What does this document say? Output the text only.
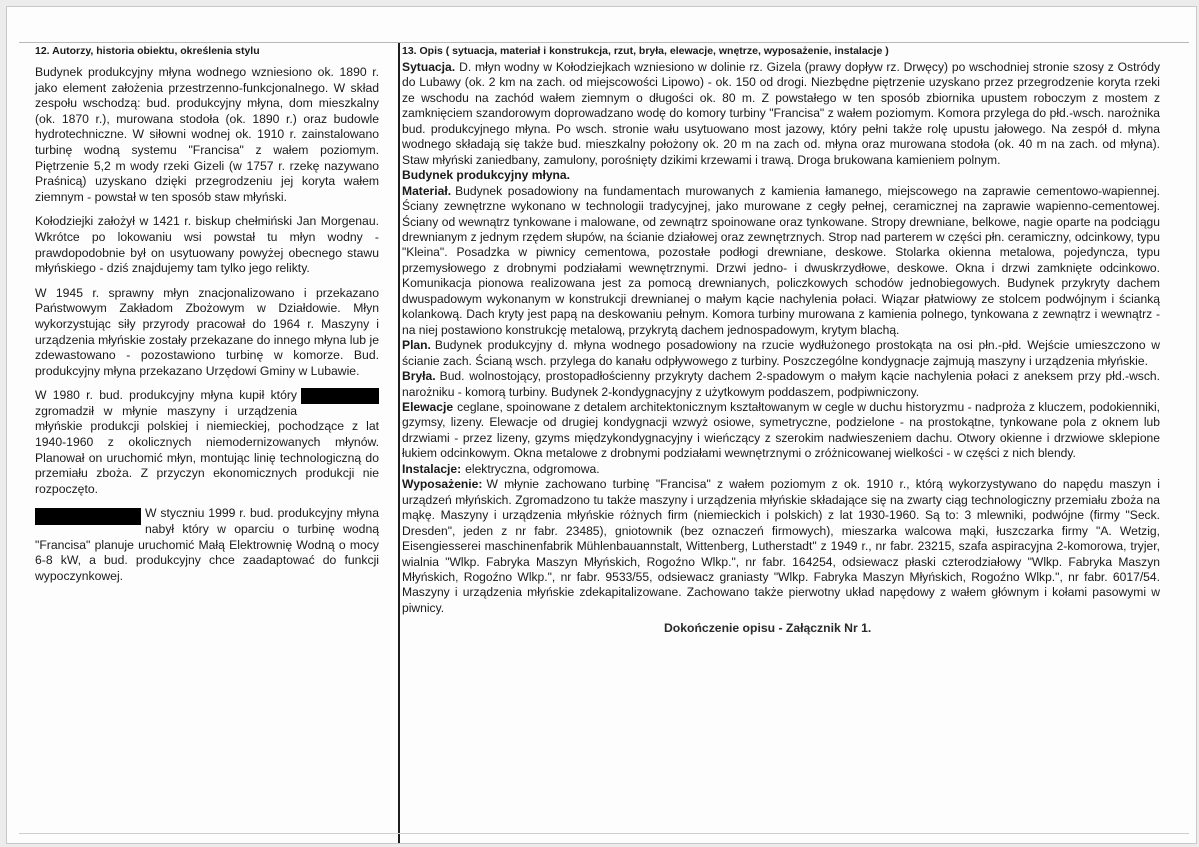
12. Autorzy, historia obiektu, określenia stylu

Budynek produkcyjny młyna wodnego wzniesiono ok. 1890 r. jako element założenia przestrzenno-funkcjonalnego. W skład zespołu wschodzą: bud. produkcyjny młyna, dom mieszkalny (ok. 1870 r.), murowana stodoła (ok. 1890 r.) oraz budowle hydrotechniczne. W siłowni wodnej ok. 1910 r. zainstalowano turbinę wodną systemu "Francisa" z wałem poziomym. Piętrzenie 5,2 m wody rzeki Gizeli (w 1757 r. rzekę nazywano Praśnicą) uzyskano dzięki przegrodzeniu jej koryta wałem ziemnym - powstał w ten sposób staw młyński.

Kołodziejki założył w 1421 r. biskup chełmiński Jan Morgenau. Wkrótce po lokowaniu wsi powstał tu młyn wodny - prawdopodobnie był on usytuowany powyżej obecnego stawu młyńskiego - dziś znajdujemy tam tylko jego relikty.

W 1945 r. sprawny młyn znacjonalizowano i przekazano Państwowym Zakładom Zbożowym w Działdowie. Młyn wykorzystując siły przyrody pracował do 1964 r. Maszyny i urządzenia młyńskie zostały przekazane do innego młyna lub je zdewastowano - pozostawiono turbinę w komorze. Bud. produkcyjny młyna przekazano Urzędowi Gminy w Lubawie.

W 1980 r. bud. produkcyjny młyna kupił który zgromadził w młynie maszyny i urządzenia młyńskie produkcji polskiej i niemieckiej, pochodzące z lat 1940-1960 z okolicznych niemodernizowanych młynów. Planował on uruchomić młyn, montując linię technologiczną do przemiału zboża. Z przyczyn ekonomicznych produkcji nie rozpoczęto.

W styczniu 1999 r. bud. produkcyjny młyna nabył który w oparciu o turbinę wodną "Francisa" planuje uruchomić Małą Elektrownię Wodną o mocy 6-8 kW, a bud. produkcyjny chce zaadaptować do funkcji wypoczynkowej.

13. Opis ( sytuacja, materiał i konstrukcja, rzut, bryła, elewacje, wnętrze, wyposażenie, instalacje )

Sytuacja. D. młyn wodny w Kołodziejkach wzniesiono w dolinie rz. Gizela (prawy dopływ rz. Drwęcy) po wschodniej stronie szosy z Ostródy do Lubawy (ok. 2 km na zach. od miejscowości Lipowo) - ok. 150 od drogi. Niezbędne piętrzenie uzyskano przez przegrodzenie koryta rzeki ze wschodu na zachód wałem ziemnym o długości ok. 80 m. Z powstałego w ten sposób zbiornika upustem roboczym z mostem z zamknięciem szandorowym doprowadzano wodę do komory turbiny "Francisa" z wałem poziomym. Komora przylega do płd.-wsch. narożnika bud. produkcyjnego młyna. Po wsch. stronie wału usytuowano most jazowy, który pełni także rolę upustu jałowego. Na zespół d. młyna wodnego składają się także bud. mieszkalny położony ok. 20 m na zach od. młyna oraz murowana stodoła (ok. 40 m na zach. od młyna). Staw młyński zaniedbany, zamulony, porośnięty dzikimi krzewami i trawą. Droga brukowana kamieniem polnym.

Budynek produkcyjny młyna.

Materiał. Budynek posadowiony na fundamentach murowanych z kamienia łamanego, miejscowego na zaprawie cementowo-wapiennej. Ściany zewnętrzne wykonano w technologii tradycyjnej, jako murowane z cegły pełnej, ceramicznej na zaprawie wapienno-cementowej. Ściany od wewnątrz tynkowane i malowane, od zewnątrz spoinowane oraz tynkowane. Stropy drewniane, belkowe, nagie oparte na podciągu drewnianym z jednym rzędem słupów, na ścianie działowej oraz zewnętrznych. Strop nad parterem w części płn. ceramiczny, odcinkowy, typu "Kleina". Posadzka w piwnicy cementowa, pozostałe podłogi drewniane, deskowe. Stolarka okienna metalowa, pojedyncza, typu przemysłowego z drobnymi podziałami wewnętrznymi. Drzwi jedno- i dwuskrzydłowe, deskowe. Okna i drzwi zamknięte odcinkowo. Komunikacja pionowa realizowana jest za pomocą drewnianych, policzkowych schodów jednobiegowych. Budynek przykryty dachem dwuspadowym wykonanym w konstrukcji drewnianej o małym kącie nachylenia połaci. Wiązar płatwiowy ze stolcem podwójnym i ścianką kolankową. Dach kryty jest papą na deskowaniu pełnym. Komora turbiny murowana z kamienia polnego, tynkowana z zewnątrz i wewnątrz - na niej postawiono konstrukcję metalową, przykrytą dachem jednospadowym, krytym blachą.

Plan. Budynek produkcyjny d. młyna wodnego posadowiony na rzucie wydłużonego prostokąta na osi płn.-płd. Wejście umieszczono w ścianie zach. Ścianą wsch. przylega do kanału odpływowego z turbiny. Poszczególne kondygnacje zajmują maszyny i urządzenia młyńskie.

Bryła. Bud. wolnostojący, prostopadłościenny przykryty dachem 2-spadowym o małym kącie nachylenia połaci z aneksem przy płd.-wsch. narożniku - komorą turbiny. Budynek 2-kondygnacyjny z użytkowym poddaszem, podpiwniczony.

Elewacje ceglane, spoinowane z detalem architektonicznym kształtowanym w cegle w duchu historyzmu - nadproża z kluczem, podokienniki, gzymsy, lizeny. Elewacje od drugiej kondygnacji wzwyż osiowe, symetryczne, podzielone - na prostokątne, tynkowane pola z oknem lub drzwiami - przez lizeny, gzyms międzykondygnacyjny i wieńczący z szerokim nadwieszeniem dachu. Otwory okienne i drzwiowe sklepione łukiem odcinkowym. Okna metalowe z drobnymi podziałami wewnętrznymi o zróżnicowanej wielkości - w części z nich blendy.

Instalacje: elektryczna, odgromowa.

Wyposażenie: W młynie zachowano turbinę "Francisa" z wałem poziomym z ok. 1910 r., którą wykorzystywano do napędu maszyn i urządzeń młyńskich. Zgromadzono tu także maszyny i urządzenia młyńskie składające się na zwarty ciąg technologiczny przemiału zboża na mąkę. Maszyny i urządzenia młyńskie różnych firm (niemieckich i polskich) z lat 1930-1960. Są to: 3 mlewniki, podwójne (firmy "Seck. Dresden", jeden z nr fabr. 23485), gniotownik (bez oznaczeń firmowych), mieszarka walcowa mąki, łuszczarka firmy "A. Wetzig, Eisengiesserei maschinenfabrik Mühlenbauannstalt, Wittenberg, Lutherstadt" z 1949 r., nr fabr. 23215, szafa aspiracyjna 2-komorowa, tryjer, wialnia "Wlkp. Fabryka Maszyn Młyńskich, Rogoźno Wlkp.", nr fabr. 164254, odsiewacz płaski czterodziałowy "Wlkp. Fabryka Maszyn Młyńskich, Rogoźno Wlkp.", nr fabr. 9533/55, odsiewacz graniasty "Wlkp. Fabryka Maszyn Młyńskich, Rogoźno Wlkp.", nr fabr. 6017/54. Maszyny i urządzenia młyńskie zdekapitalizowane. Zachowano także pierwotny układ napędowy z wałem głównym i kołami pasowymi w piwnicy.

Dokończenie opisu - Załącznik Nr 1.
